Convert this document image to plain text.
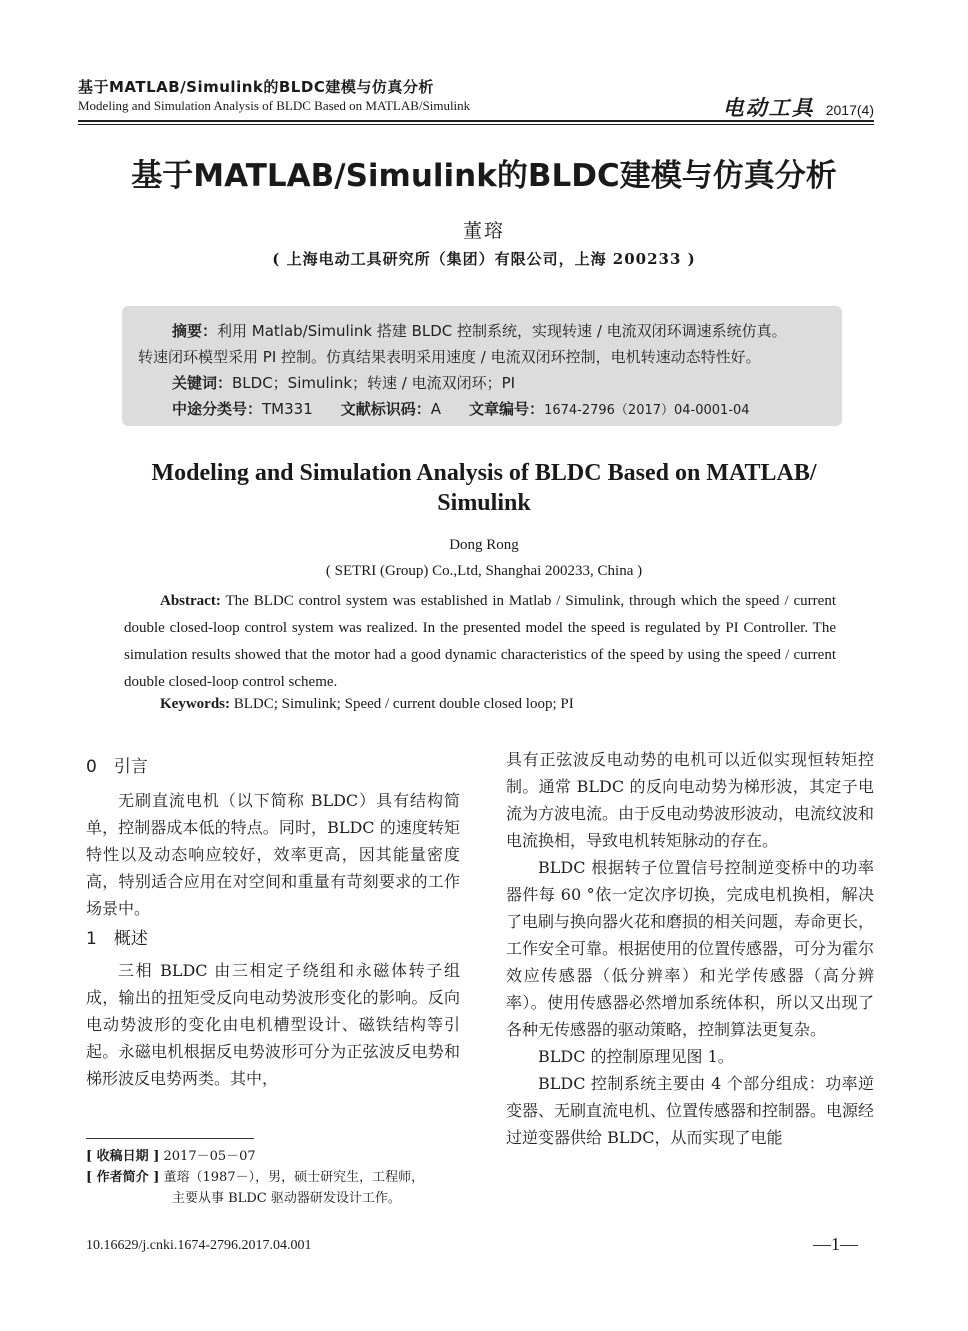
基于MATLAB/Simulink的BLDC建模与仿真分析
Modeling and Simulation Analysis of BLDC Based on MATLAB/Simulink	电动工具 2017(4)
基于MATLAB/Simulink的BLDC建模与仿真分析
董瑢
( 上海电动工具研究所（集团）有限公司，上海 200233 )
摘要：利用 Matlab/Simulink 搭建 BLDC 控制系统，实现转速 / 电流双闭环调速系统仿真。
转速闭环模型采用 PI 控制。仿真结果表明采用速度 / 电流双闭环控制，电机转速动态特性好。
关键词：BLDC；Simulink；转速 / 电流双闭环；PI
中途分类号：TM331 文献标识码：A 文章编号：1674-2796（2017）04-0001-04
Modeling and Simulation Analysis of BLDC Based on MATLAB/
Simulink
Dong Rong
( SETRI (Group) Co.,Ltd, Shanghai 200233, China )
Abstract: The BLDC control system was established in Matlab / Simulink, through which the speed / current double closed-loop control system was realized. In the presented model the speed is regulated by PI Controller. The simulation results showed that the motor had a good dynamic characteristics of the speed by using the speed / current double closed-loop control scheme.
Keywords: BLDC; Simulink; Speed / current double closed loop; PI
0　引言

无刷直流电机（以下简称 BLDC）具有结构简单，控制器成本低的特点。同时，BLDC 的速度转矩特性以及动态响应较好，效率更高，因其能量密度高，特别适合应用在对空间和重量有苛刻要求的工作场景中。

1　概述

三相 BLDC 由三相定子绕组和永磁体转子组成，输出的扭矩受反向电动势波形变化的影响。反向电动势波形的变化由电机槽型设计、磁铁结构等引起。永磁电机根据反电势波形可分为正弦波反电势和梯形波反电势两类。其中，

具有正弦波反电动势的电机可以近似实现恒转矩控制。通常 BLDC 的反向电动势为梯形波，其定子电流为方波电流。由于反电动势波形波动，电流纹波和电流换相，导致电机转矩脉动的存在。

BLDC 根据转子位置信号控制逆变桥中的功率器件每 60 °依一定次序切换，完成电机换相，解决了电刷与换向器火花和磨损的相关问题，寿命更长，工作安全可靠。根据使用的位置传感器，可分为霍尔效应传感器（低分辨率）和光学传感器（高分辨率）。使用传感器必然增加系统体积，所以又出现了各种无传感器的驱动策略，控制算法更复杂。

BLDC 的控制原理见图 1。

BLDC 控制系统主要由 4 个部分组成：功率逆变器、无刷直流电机、位置传感器和控制器。电源经过逆变器供给 BLDC，从而实现了电能

[ 收稿日期 ] 2017－05－07
[ 作者简介 ] 董瑢（1987－），男，硕士研究生，工程师，
主要从事 BLDC 驱动器研发设计工作。
10.16629/j.cnki.1674-2796.2017.04.001	—1—
